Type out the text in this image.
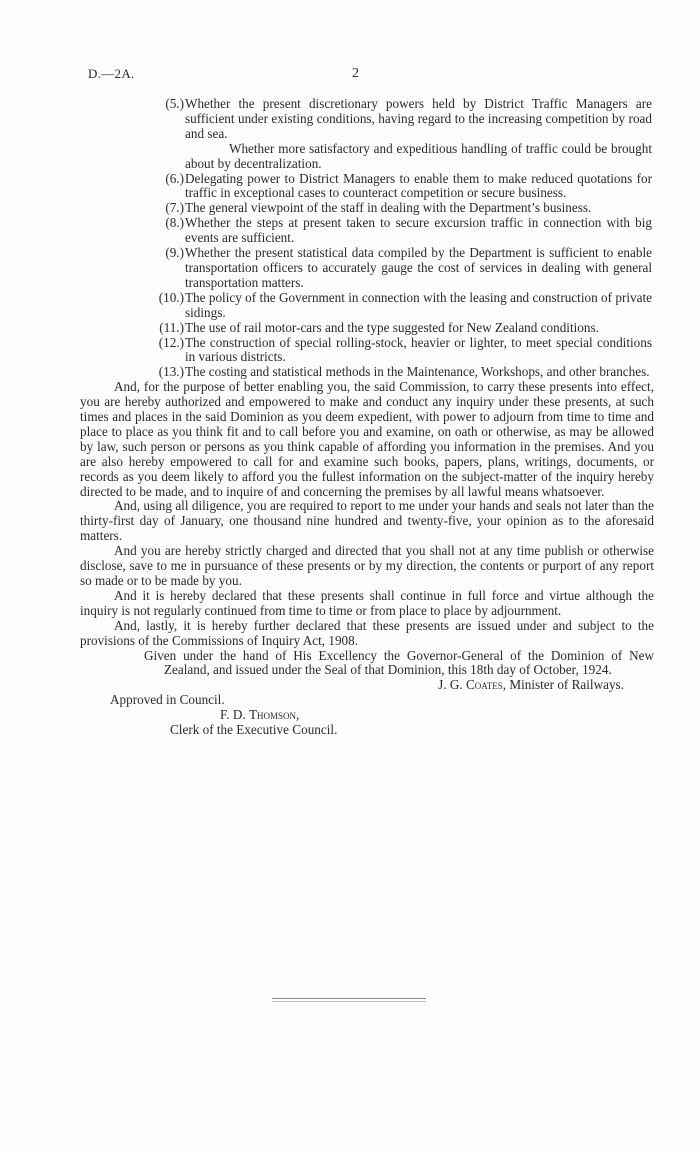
D.—2A.	2
(5.) Whether the present discretionary powers held by District Traffic Managers are sufficient under existing conditions, having regard to the increasing competition by road and sea.
Whether more satisfactory and expeditious handling of traffic could be brought about by decentralization.
(6.) Delegating power to District Managers to enable them to make reduced quotations for traffic in exceptional cases to counteract competition or secure business.
(7.) The general viewpoint of the staff in dealing with the Department’s business.
(8.) Whether the steps at present taken to secure excursion traffic in connection with big events are sufficient.
(9.) Whether the present statistical data compiled by the Department is sufficient to enable transportation officers to accurately gauge the cost of services in dealing with general transportation matters.
(10.) The policy of the Government in connection with the leasing and construction of private sidings.
(11.) The use of rail motor-cars and the type suggested for New Zealand conditions.
(12.) The construction of special rolling-stock, heavier or lighter, to meet special conditions in various districts.
(13.) The costing and statistical methods in the Maintenance, Workshops, and other branches.

And, for the purpose of better enabling you, the said Commission, to carry these presents into effect, you are hereby authorized and empowered to make and conduct any inquiry under these presents, at such times and places in the said Dominion as you deem expedient, with power to adjourn from time to time and place to place as you think fit and to call before you and examine, on oath or otherwise, as may be allowed by law, such person or persons as you think capable of affording you information in the premises. And you are also hereby empowered to call for and examine such books, papers, plans, writings, documents, or records as you deem likely to afford you the fullest information on the subject-matter of the inquiry hereby directed to be made, and to inquire of and concerning the premises by all lawful means whatsoever.

And, using all diligence, you are required to report to me under your hands and seals not later than the thirty-first day of January, one thousand nine hundred and twenty-five, your opinion as to the aforesaid matters.

And you are hereby strictly charged and directed that you shall not at any time publish or otherwise disclose, save to me in pursuance of these presents or by my direction, the contents or purport of any report so made or to be made by you.

And it is hereby declared that these presents shall continue in full force and virtue although the inquiry is not regularly continued from time to time or from place to place by adjournment.

And, lastly, it is hereby further declared that these presents are issued under and subject to the provisions of the Commissions of Inquiry Act, 1908.

Given under the hand of His Excellency the Governor-General of the Dominion of New Zealand, and issued under the Seal of that Dominion, this 18th day of October, 1924.

J. G. Coates, Minister of Railways.

Approved in Council.

F. D. Thomson,

Clerk of the Executive Council.
